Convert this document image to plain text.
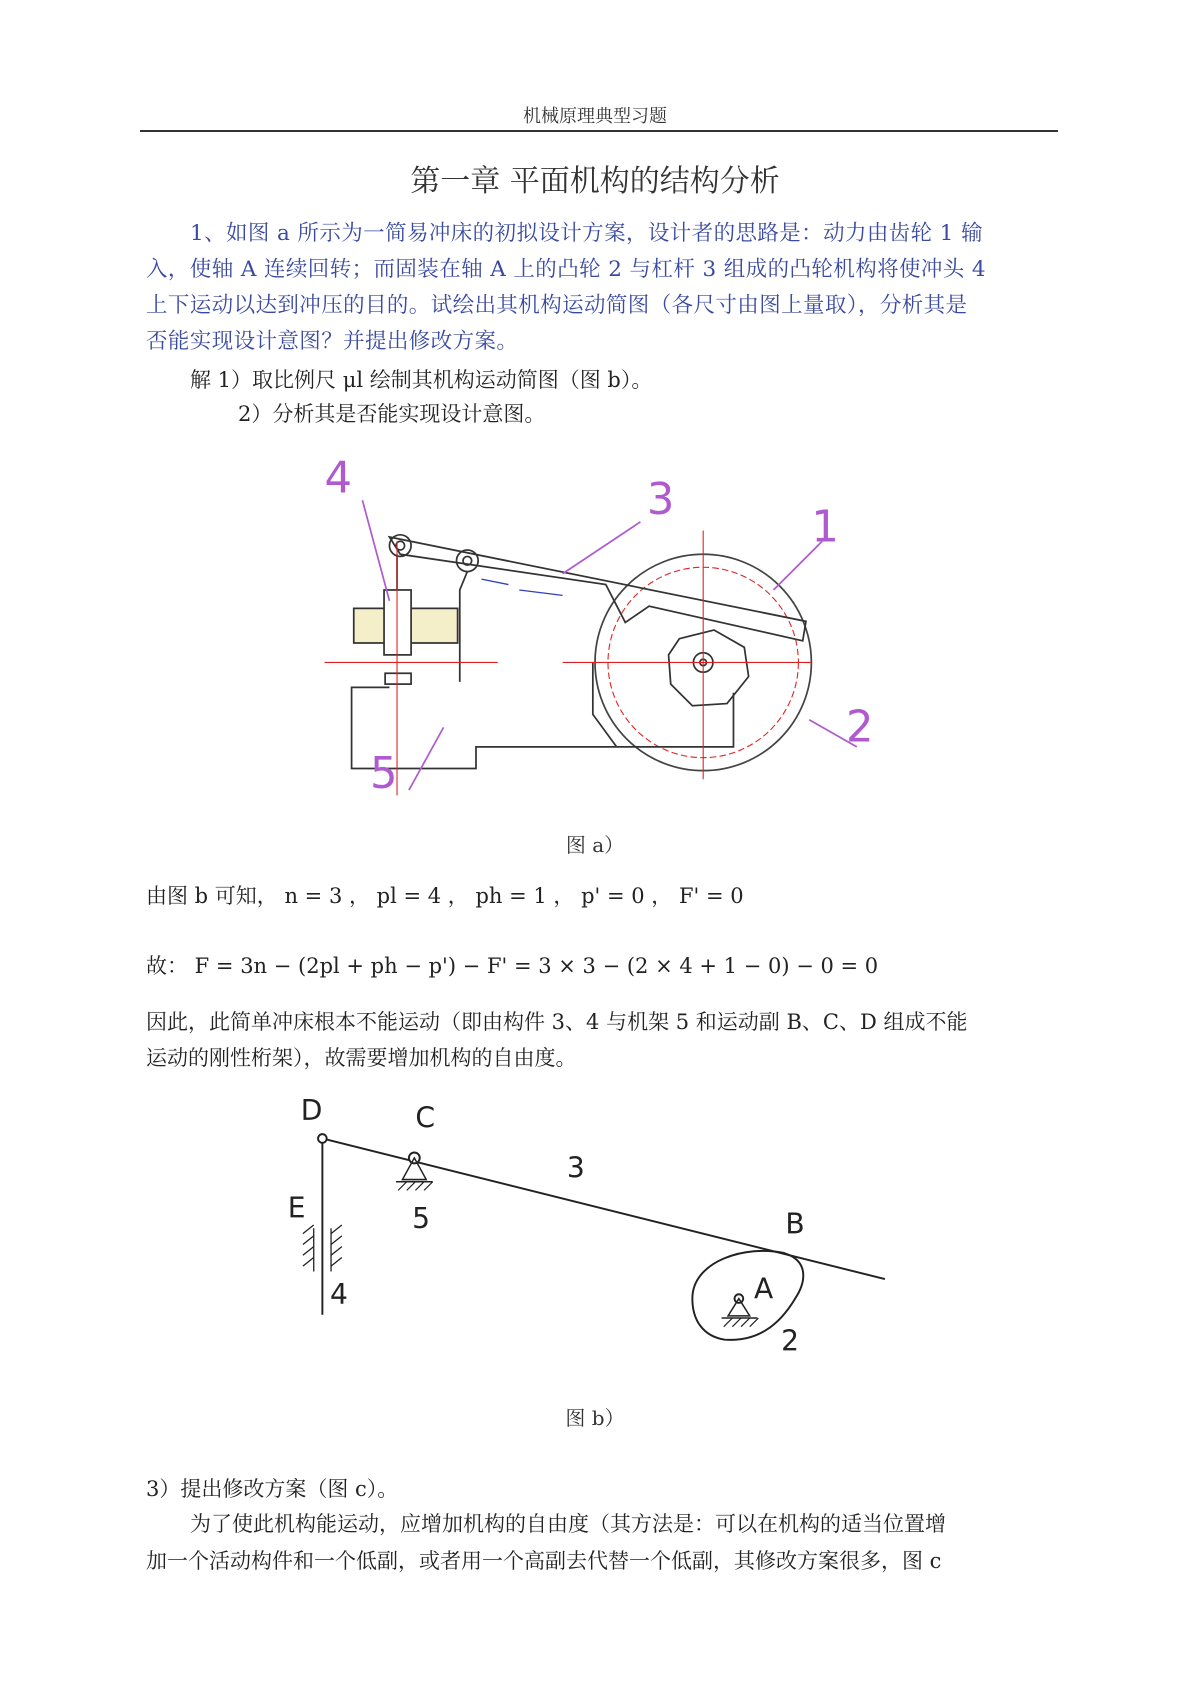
机械原理典型习题
第一章 平面机构的结构分析
1、如图 a 所示为一简易冲床的初拟设计方案，设计者的思路是：动力由齿轮 1 输
入，使轴 A 连续回转；而固装在轴 A 上的凸轮 2 与杠杆 3 组成的凸轮机构将使冲头 4
上下运动以达到冲压的目的。试绘出其机构运动简图（各尺寸由图上量取），分析其是
否能实现设计意图？并提出修改方案。
解 1）取比例尺 μl 绘制其机构运动简图（图 b）。
2）分析其是否能实现设计意图。
图 a）
由图 b 可知， n = 3 ， pl = 4 ， ph = 1 ， p' = 0 ， F' = 0
故： F = 3n − (2pl + ph − p') − F' = 3 × 3 − (2 × 4 + 1 − 0) − 0 = 0
因此，此简单冲床根本不能运动（即由构件 3、4 与机架 5 和运动副 B、C、D 组成不能
运动的刚性桁架），故需要增加机构的自由度。
图 b）
3）提出修改方案（图 c）。
为了使此机构能运动，应增加机构的自由度（其方法是：可以在机构的适当位置增
加一个活动构件和一个低副，或者用一个高副去代替一个低副，其修改方案很多，图 c
4	3
1
2
5
D	C
E
3
5	B
4	A
2
